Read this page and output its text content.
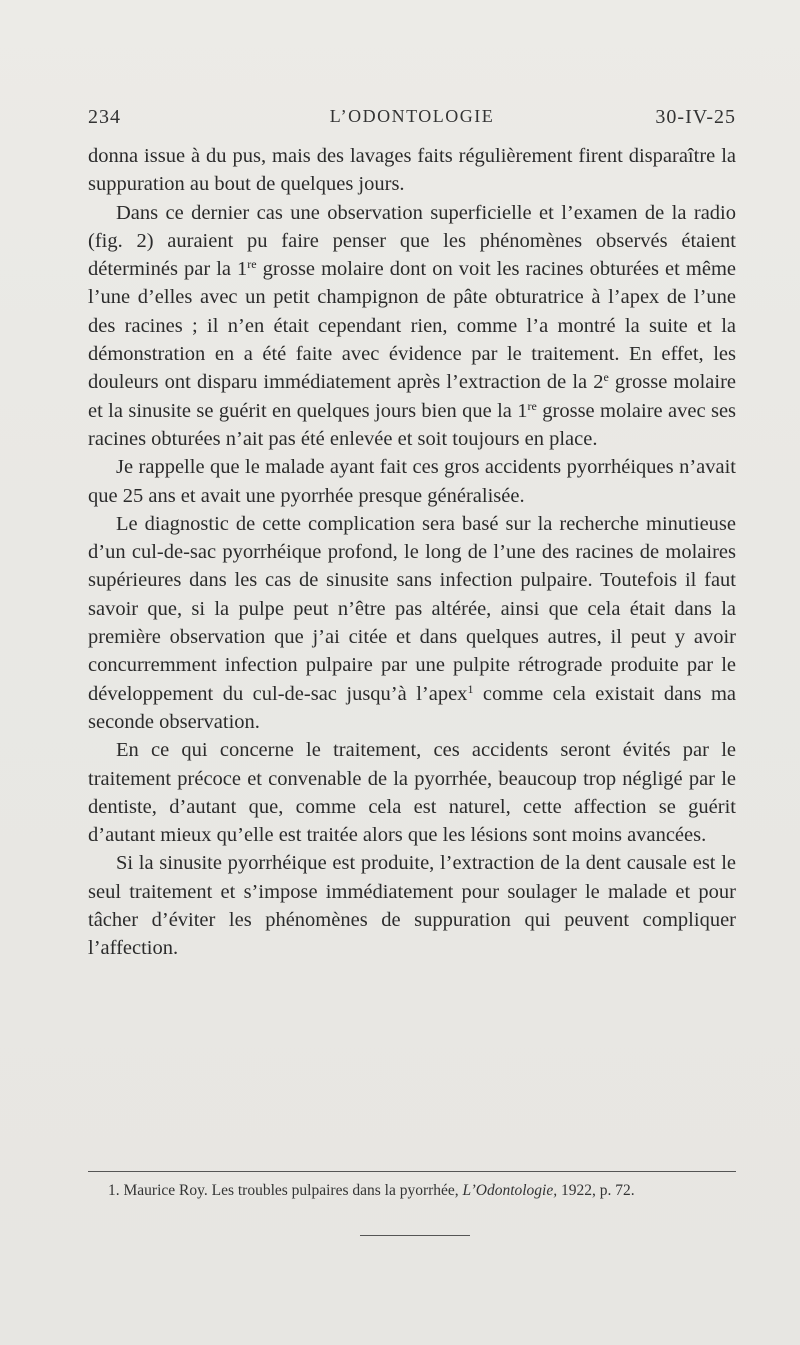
234	L’ODONTOLOGIE	30-IV-25

donna issue à du pus, mais des lavages faits régulièrement firent disparaître la suppuration au bout de quelques jours.

Dans ce dernier cas une observation superficielle et l’examen de la radio (fig. 2) auraient pu faire penser que les phénomènes observés étaient déterminés par la 1re grosse molaire dont on voit les racines obturées et même l’une d’elles avec un petit champignon de pâte obturatrice à l’apex de l’une des racines ; il n’en était cependant rien, comme l’a montré la suite et la démonstration en a été faite avec évidence par le traitement. En effet, les douleurs ont disparu immédiatement après l’extraction de la 2e grosse molaire et la sinusite se guérit en quelques jours bien que la 1re grosse molaire avec ses racines obturées n’ait pas été enlevée et soit toujours en place.

Je rappelle que le malade ayant fait ces gros accidents pyorrhéiques n’avait que 25 ans et avait une pyorrhée presque généralisée.

Le diagnostic de cette complication sera basé sur la recherche minutieuse d’un cul-de-sac pyorrhéique profond, le long de l’une des racines de molaires supérieures dans les cas de sinusite sans infection pulpaire. Toutefois il faut savoir que, si la pulpe peut n’être pas altérée, ainsi que cela était dans la première observation que j’ai citée et dans quelques autres, il peut y avoir concurremment infection pulpaire par une pulpite rétrograde produite par le développement du cul-de-sac jusqu’à l’apex$^1$ comme cela existait dans ma seconde observation.

En ce qui concerne le traitement, ces accidents seront évités par le traitement précoce et convenable de la pyorrhée, beaucoup trop négligé par le dentiste, d’autant que, comme cela est naturel, cette affection se guérit d’autant mieux qu’elle est traitée alors que les lésions sont moins avancées.

Si la sinusite pyorrhéique est produite, l’extraction de la dent causale est le seul traitement et s’impose immédiatement pour soulager le malade et pour tâcher d’éviter les phénomènes de suppuration qui peuvent compliquer l’affection.

1. Maurice Roy. Les troubles pulpaires dans la pyorrhée, L’Odontologie, 1922, p. 72.
